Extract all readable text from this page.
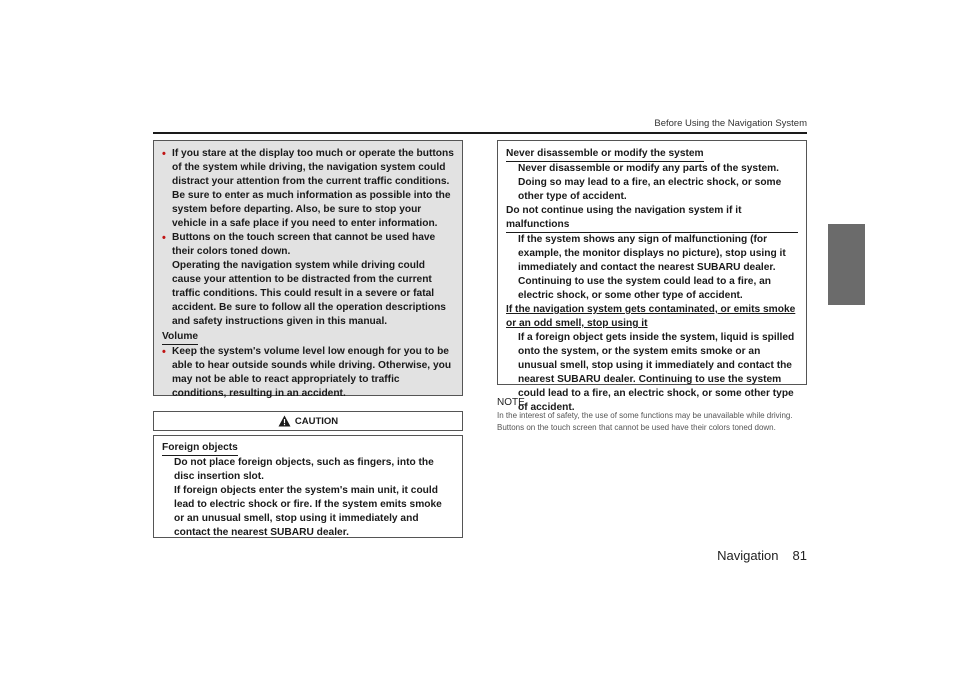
Before Using the Navigation System
• If you stare at the display too much or operate the buttons of the system while driving, the navigation system could distract your attention from the current traffic conditions. Be sure to enter as much information as possible into the system before departing. Also, be sure to stop your vehicle in a safe place if you need to enter information.
• Buttons on the touch screen that cannot be used have their colors toned down.
Operating the navigation system while driving could cause your attention to be distracted from the current traffic conditions. This could result in a severe or fatal accident. Be sure to follow all the operation descriptions and safety instructions given in this manual.
Volume
• Keep the system's volume level low enough for you to be able to hear outside sounds while driving. Otherwise, you may not be able to react appropriately to traffic conditions, resulting in an accident.
CAUTION
Foreign objects
Do not place foreign objects, such as fingers, into the disc insertion slot.
If foreign objects enter the system's main unit, it could lead to electric shock or fire. If the system emits smoke or an unusual smell, stop using it immediately and contact the nearest SUBARU dealer.
Never disassemble or modify the system
Never disassemble or modify any parts of the system. Doing so may lead to a fire, an electric shock, or some other type of accident.
Do not continue using the navigation system if it malfunctions
If the system shows any sign of malfunctioning (for example, the monitor displays no picture), stop using it immediately and contact the nearest SUBARU dealer.
Continuing to use the system could lead to a fire, an electric shock, or some other type of accident.
If the navigation system gets contaminated, or emits smoke or an odd smell, stop using it
If a foreign object gets inside the system, liquid is spilled onto the system, or the system emits smoke or an unusual smell, stop using it immediately and contact the nearest SUBARU dealer. Continuing to use the system could lead to a fire, an electric shock, or some other type of accident.
NOTE
In the interest of safety, the use of some functions may be unavailable while driving. Buttons on the touch screen that cannot be used have their colors toned down.
Navigation 81
